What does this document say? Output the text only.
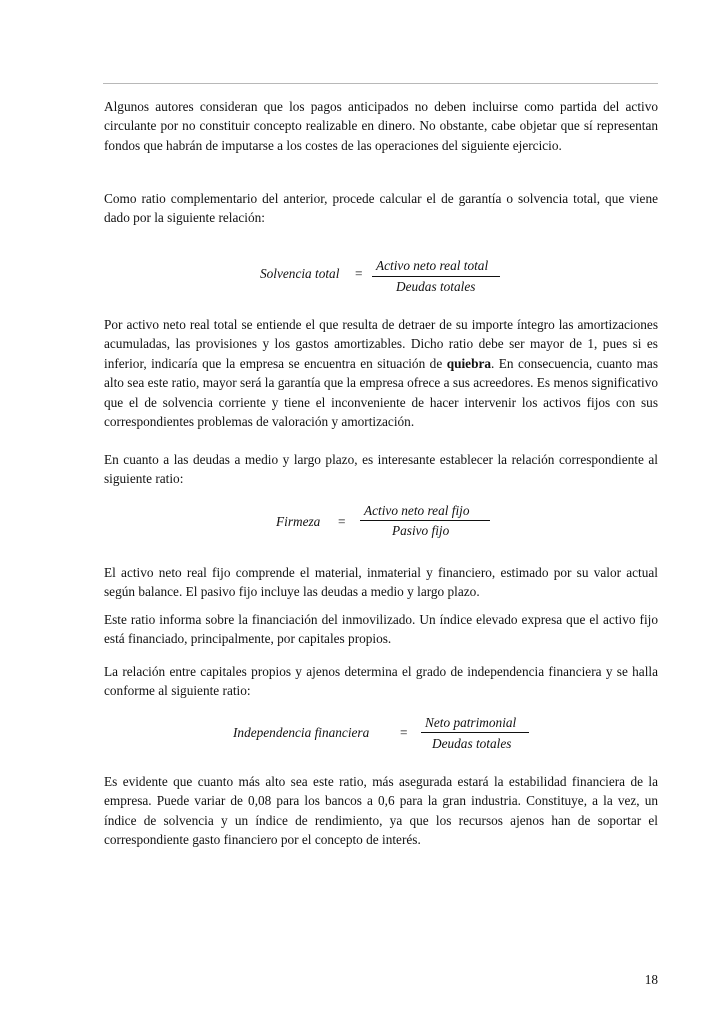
Algunos autores consideran que los pagos anticipados no deben incluirse como partida del activo circulante por no constituir concepto realizable en dinero. No obstante, cabe objetar que sí representan fondos que habrán de imputarse a los costes de las operaciones del siguiente ejercicio.

Como ratio complementario del anterior, procede calcular el de garantía o solvencia total, que viene dado por la siguiente relación:

Solvencia total =
Activo neto real total
Deudas totales

Por activo neto real total se entiende el que resulta de detraer de su importe íntegro las amortizaciones acumuladas, las provisiones y los gastos amortizables. Dicho ratio debe ser mayor de 1, pues si es inferior, indicaría que la empresa se encuentra en situación de quiebra. En consecuencia, cuanto mas alto sea este ratio, mayor será la garantía que la empresa ofrece a sus acreedores. Es menos significativo que el de solvencia corriente y tiene el inconveniente de hacer intervenir los activos fijos con sus correspondientes problemas de valoración y amortización.

En cuanto a las deudas a medio y largo plazo, es interesante establecer la relación correspondiente al siguiente ratio:

Firmeza =
Activo neto real fijo
Pasivo fijo

El activo neto real fijo comprende el material, inmaterial y financiero, estimado por su valor actual según balance. El pasivo fijo incluye las deudas a medio y largo plazo.

Este ratio informa sobre la financiación del inmovilizado. Un índice elevado expresa que el activo fijo está financiado, principalmente, por capitales propios.

La relación entre capitales propios y ajenos determina el grado de independencia financiera y se halla conforme al siguiente ratio:

Independencia financiera =
Neto patrimonial
Deudas totales

Es evidente que cuanto más alto sea este ratio, más asegurada estará la estabilidad financiera de la empresa. Puede variar de 0,08 para los bancos a 0,6 para la gran industria. Constituye, a la vez, un índice de solvencia y un índice de rendimiento, ya que los recursos ajenos han de soportar el correspondiente gasto financiero por el concepto de interés.

18
